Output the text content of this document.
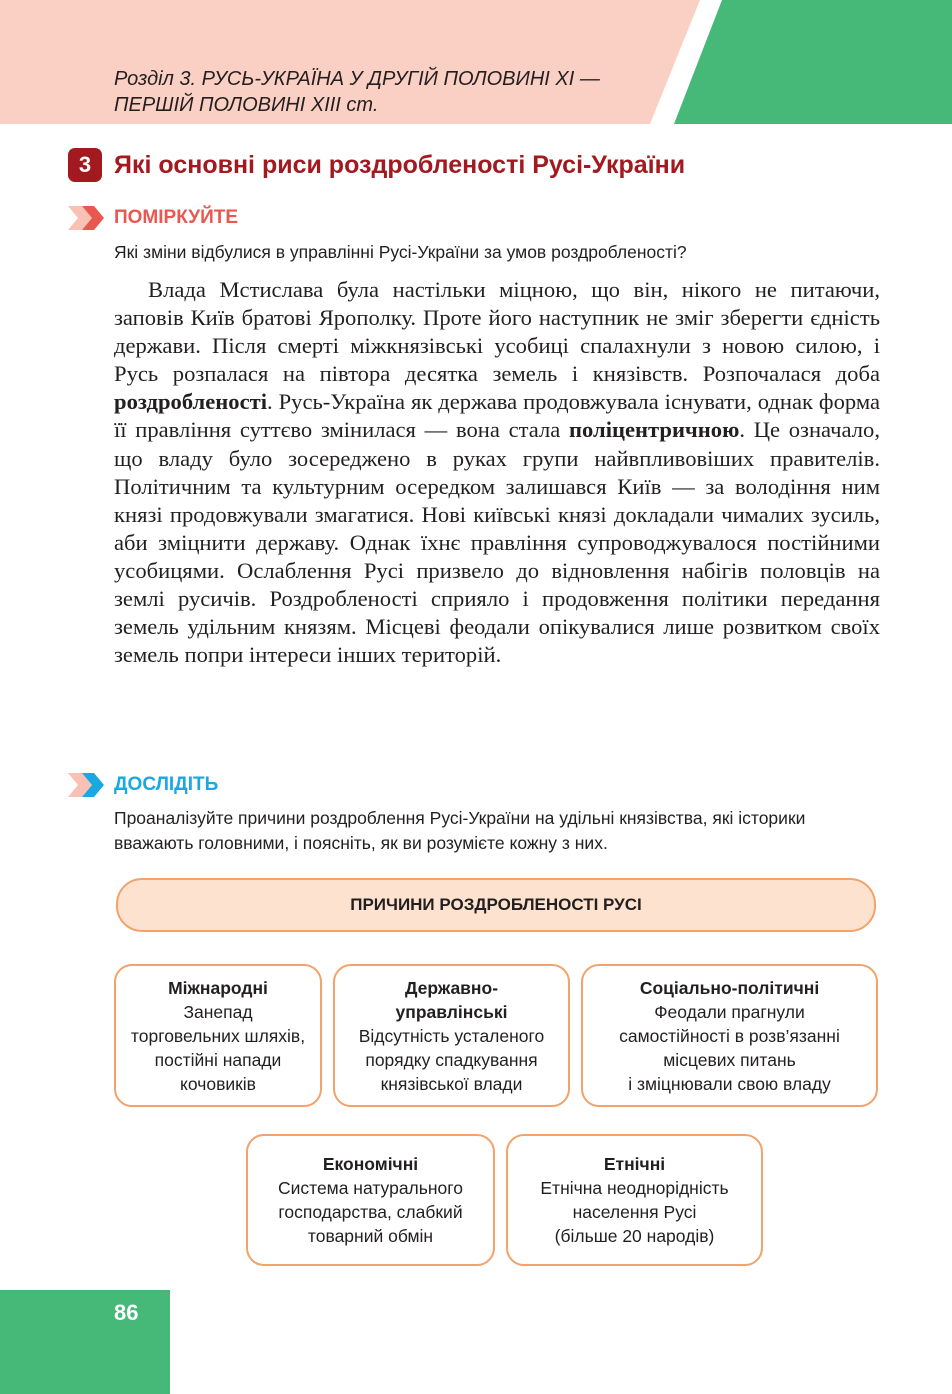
Розділ 3. РУСЬ-УКРАЇНА У ДРУГІЙ ПОЛОВИНІ XI —
ПЕРШІЙ ПОЛОВИНІ XIII ст.
3 Які основні риси роздробленості Русі-України
ПОМІРКУЙТЕ
Які зміни відбулися в управлінні Русі-України за умов роздробленості?

Влада Мстислава була настільки міцною, що він, нікого не питаючи, заповів Київ братові Ярополку. Проте його наступник не зміг зберегти єдність держави. Після смерті міжкнязівські усобиці спалахнули з новою силою, і Русь розпалася на півтора десятка земель і князівств. Розпочалася доба роздробленості. Русь-Україна як держава продовжувала існувати, однак форма її правління суттєво змінилася — вона стала поліцентричною. Це означало, що владу було зосереджено в руках групи найвпливовіших правителів. Політичним та культурним осередком залишався Київ — за володіння ним князі продовжували змагатися. Нові київські князі докладали чималих зусиль, аби зміцнити державу. Однак їхнє правління супроводжувалося постійними усобицями. Ослаблення Русі призвело до відновлення набігів половців на землі русичів. Роздробленості сприяло і продовження політики передання земель удільним князям. Місцеві феодали опікувалися лише розвитком своїх земель попри інтереси інших територій.

ДОСЛІДІТЬ
Проаналізуйте причини роздроблення Русі-України на удільні князівства, які історики вважають головними, і поясніть, як ви розумієте кожну з них.
ПРИЧИНИ РОЗДРОБЛЕНОСТІ РУСІ
Міжнародні
Занепад
торговельних шляхів,
постійні напади
кочовиків
Державно-
управлінські
Відсутність усталеного
порядку спадкування
князівської влади
Соціально-політичні
Феодали прагнули
самостійності в розв’язанні
місцевих питань
і зміцнювали свою владу
Економічні
Система натурального
господарства, слабкий
товарний обмін
Етнічні
Етнічна неоднорідність
населення Русі
(більше 20 народів)
86
